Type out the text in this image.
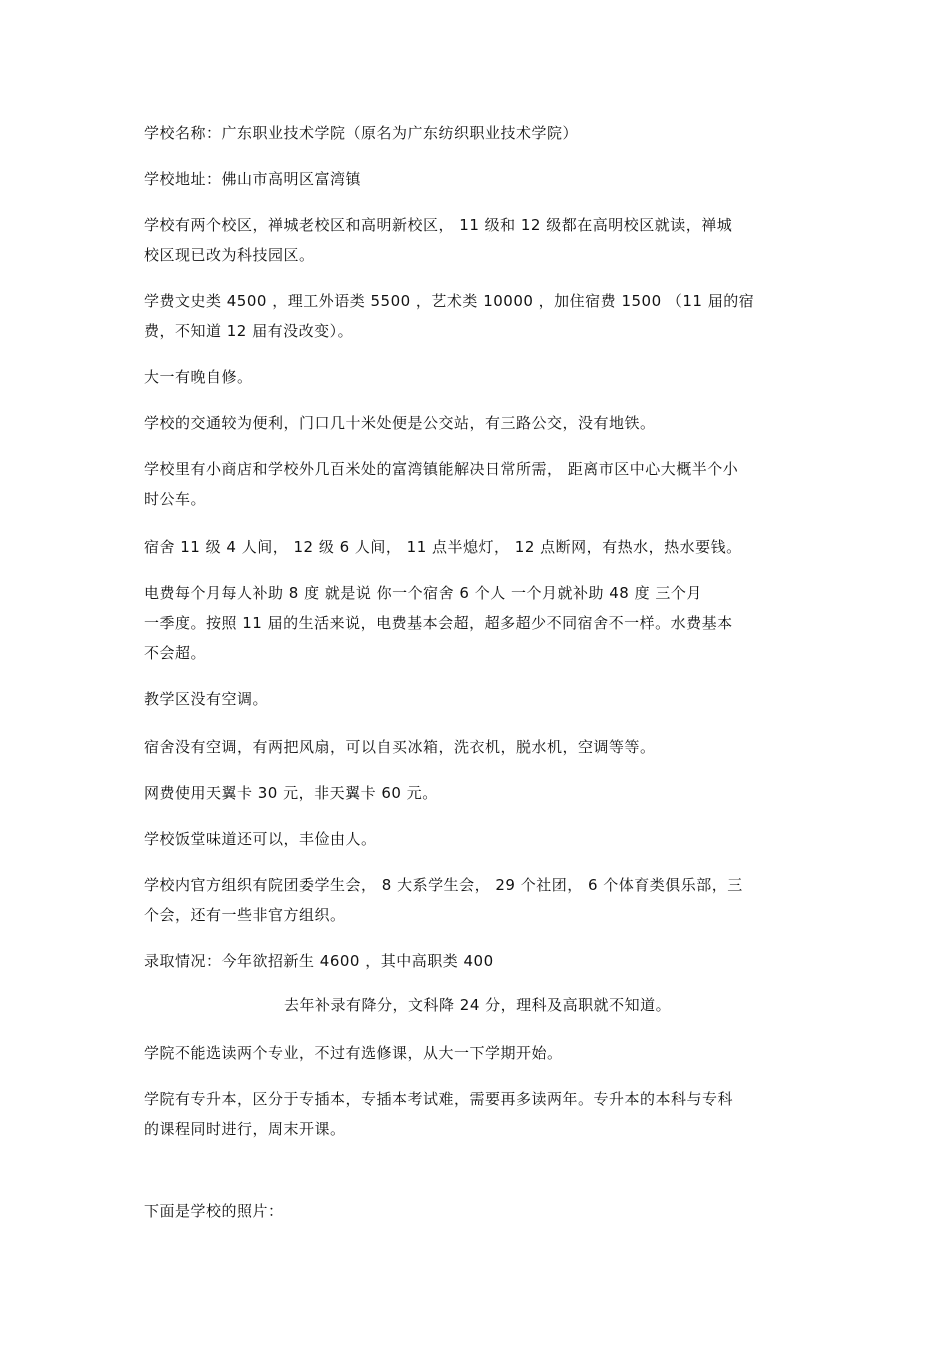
学校名称：广东职业技术学院（原名为广东纺织职业技术学院）
学校地址：佛山市高明区富湾镇
学校有两个校区，禅城老校区和高明新校区， 11 级和 12 级都在高明校区就读，禅城
校区现已改为科技园区。
学费文史类 4500 ，理工外语类 5500 ，艺术类 10000 ，加住宿费 1500 （11 届的宿
费，不知道 12 届有没改变）。
大一有晚自修。
学校的交通较为便利，门口几十米处便是公交站，有三路公交，没有地铁。
学校里有小商店和学校外几百米处的富湾镇能解决日常所需， 距离市区中心大概半个小
时公车。
宿舍 11 级 4 人间， 12 级 6 人间， 11 点半熄灯， 12 点断网，有热水，热水要钱。
电费每个月每人补助 8 度 就是说 你一个宿舍 6 个人 一个月就补助 48 度 三个月
一季度。按照 11 届的生活来说，电费基本会超，超多超少不同宿舍不一样。水费基本
不会超。
教学区没有空调。
宿舍没有空调，有两把风扇，可以自买冰箱，洗衣机，脱水机，空调等等。
网费使用天翼卡 30 元，非天翼卡 60 元。
学校饭堂味道还可以，丰俭由人。
学校内官方组织有院团委学生会， 8 大系学生会， 29 个社团， 6 个体育类俱乐部，三
个会，还有一些非官方组织。
录取情况：今年欲招新生 4600 ，其中高职类 400
去年补录有降分，文科降 24 分，理科及高职就不知道。
学院不能选读两个专业，不过有选修课，从大一下学期开始。
学院有专升本，区分于专插本，专插本考试难，需要再多读两年。专升本的本科与专科
的课程同时进行，周末开课。
下面是学校的照片：
